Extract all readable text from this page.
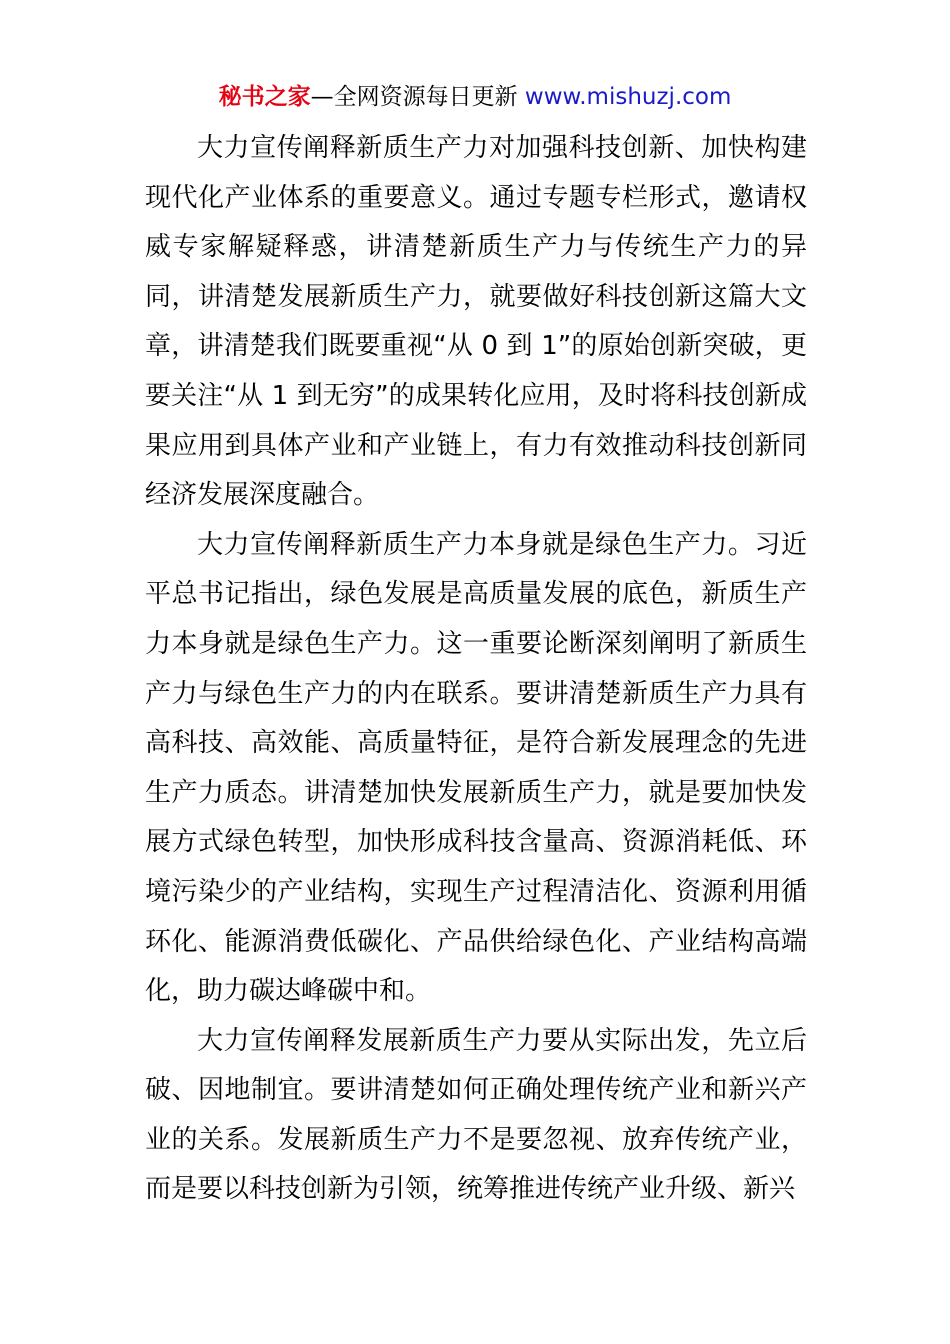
秘书之家—全网资源每日更新 www.mishuzj.com

大力宣传阐释新质生产力对加强科技创新、加快构建现代化产业体系的重要意义。通过专题专栏形式，邀请权威专家解疑释惑，讲清楚新质生产力与传统生产力的异同，讲清楚发展新质生产力，就要做好科技创新这篇大文章，讲清楚我们既要重视“从 0 到 1”的原始创新突破，更要关注“从 1 到无穷”的成果转化应用，及时将科技创新成果应用到具体产业和产业链上，有力有效推动科技创新同经济发展深度融合。

大力宣传阐释新质生产力本身就是绿色生产力。习近平总书记指出，绿色发展是高质量发展的底色，新质生产力本身就是绿色生产力。这一重要论断深刻阐明了新质生产力与绿色生产力的内在联系。要讲清楚新质生产力具有高科技、高效能、高质量特征，是符合新发展理念的先进生产力质态。讲清楚加快发展新质生产力，就是要加快发展方式绿色转型，加快形成科技含量高、资源消耗低、环境污染少的产业结构，实现生产过程清洁化、资源利用循环化、能源消费低碳化、产品供给绿色化、产业结构高端化，助力碳达峰碳中和。

大力宣传阐释发展新质生产力要从实际出发，先立后破、因地制宜。要讲清楚如何正确处理传统产业和新兴产业的关系。发展新质生产力不是要忽视、放弃传统产业，而是要以科技创新为引领，统筹推进传统产业升级、新兴
